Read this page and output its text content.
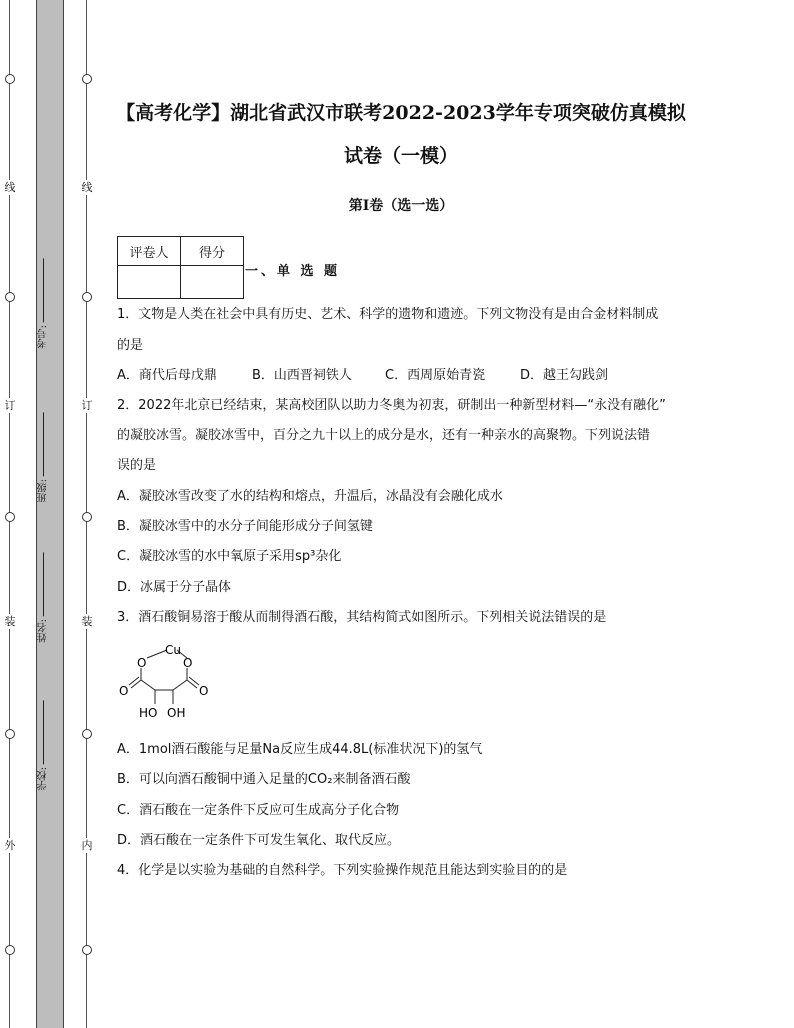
线
订
装
外
线
订
装
内
考号:
班级:
姓名:
学校:
【高考化学】湖北省武汉市联考2022-2023学年专项突破仿真模拟
试卷（一模）
第I卷（选一选）
评卷人	得分

一、单 选 题
1．文物是人类在社会中具有历史、艺术、科学的遗物和遗迹。下列文物没有是由合金材料制成
的是
A．商代后母戊鼎	B．山西晋祠铁人	C．西周原始青瓷	D．越王勾践剑
2．2022年北京已经结束，某高校团队以助力冬奥为初衷，研制出一种新型材料—“永没有融化”
的凝胶冰雪。凝胶冰雪中，百分之九十以上的成分是水，还有一种亲水的高聚物。下列说法错
误的是
A．凝胶冰雪改变了水的结构和熔点，升温后，冰晶没有会融化成水
B．凝胶冰雪中的水分子间能形成分子间氢键
C．凝胶冰雪的水中氧原子采用sp³杂化
D．冰属于分子晶体
3．酒石酸铜易溶于酸从而制得酒石酸，其结构简式如图所示。下列相关说法错误的是
Cu
O	O
O	O
HO OH
A．1mol酒石酸能与足量Na反应生成44.8L(标准状况下)的氢气
B．可以向酒石酸铜中通入足量的CO₂来制备酒石酸
C．酒石酸在一定条件下反应可生成高分子化合物
D．酒石酸在一定条件下可发生氧化、取代反应。
4．化学是以实验为基础的自然科学。下列实验操作规范且能达到实验目的的是
